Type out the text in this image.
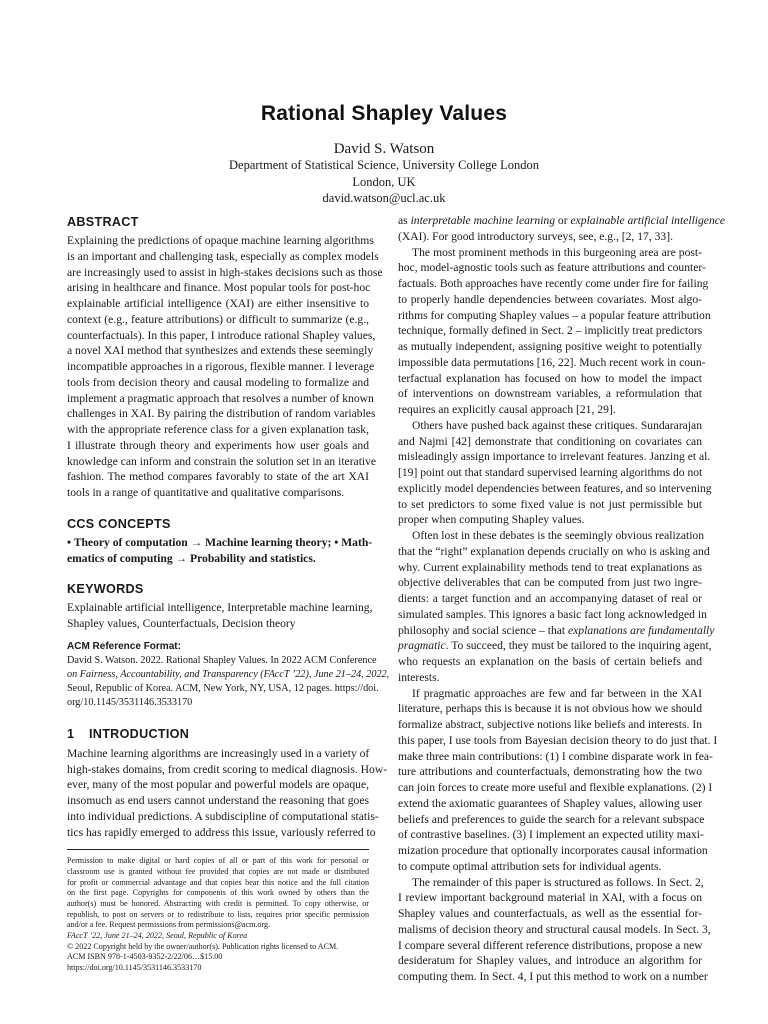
Rational Shapley Values
David S. Watson
Department of Statistical Science, University College London
London, UK
david.watson@ucl.ac.uk
ABSTRACT
Explaining the predictions of opaque machine learning algorithms
is an important and challenging task, especially as complex models
are increasingly used to assist in high-stakes decisions such as those
arising in healthcare and finance. Most popular tools for post-hoc
explainable artificial intelligence (XAI) are either insensitive to
context (e.g., feature attributions) or difficult to summarize (e.g.,
counterfactuals). In this paper, I introduce rational Shapley values,
a novel XAI method that synthesizes and extends these seemingly
incompatible approaches in a rigorous, flexible manner. I leverage
tools from decision theory and causal modeling to formalize and
implement a pragmatic approach that resolves a number of known
challenges in XAI. By pairing the distribution of random variables
with the appropriate reference class for a given explanation task,
I illustrate through theory and experiments how user goals and
knowledge can inform and constrain the solution set in an iterative
fashion. The method compares favorably to state of the art XAI
tools in a range of quantitative and qualitative comparisons.
CCS CONCEPTS
• Theory of computation → Machine learning theory; • Math-
ematics of computing → Probability and statistics.
KEYWORDS
Explainable artificial intelligence, Interpretable machine learning,
Shapley values, Counterfactuals, Decision theory
ACM Reference Format:
David S. Watson. 2022. Rational Shapley Values. In 2022 ACM Conference
on Fairness, Accountability, and Transparency (FAccT ’22), June 21–24, 2022,
Seoul, Republic of Korea. ACM, New York, NY, USA, 12 pages. https://doi.
org/10.1145/3531146.3533170
1 INTRODUCTION
Machine learning algorithms are increasingly used in a variety of
high-stakes domains, from credit scoring to medical diagnosis. How-
ever, many of the most popular and powerful models are opaque,
insomuch as end users cannot understand the reasoning that goes
into individual predictions. A subdiscipline of computational statis-
tics has rapidly emerged to address this issue, variously referred to
Permission to make digital or hard copies of all or part of this work for personal or
classroom use is granted without fee provided that copies are not made or distributed
for profit or commercial advantage and that copies bear this notice and the full citation
on the first page. Copyrights for components of this work owned by others than the
author(s) must be honored. Abstracting with credit is permitted. To copy otherwise, or
republish, to post on servers or to redistribute to lists, requires prior specific permission
and/or a fee. Request permissions from permissions@acm.org.
FAccT ’22, June 21–24, 2022, Seoul, Republic of Korea
© 2022 Copyright held by the owner/author(s). Publication rights licensed to ACM.
ACM ISBN 978-1-4503-9352-2/22/06…$15.00
https://doi.org/10.1145/3531146.3533170
as interpretable machine learning or explainable artificial intelligence
(XAI). For good introductory surveys, see, e.g., [2, 17, 33].
The most prominent methods in this burgeoning area are post-
hoc, model-agnostic tools such as feature attributions and counter-
factuals. Both approaches have recently come under fire for failing
to properly handle dependencies between covariates. Most algo-
rithms for computing Shapley values – a popular feature attribution
technique, formally defined in Sect. 2 – implicitly treat predictors
as mutually independent, assigning positive weight to potentially
impossible data permutations [16, 22]. Much recent work in coun-
terfactual explanation has focused on how to model the impact
of interventions on downstream variables, a reformulation that
requires an explicitly causal approach [21, 29].
Others have pushed back against these critiques. Sundararajan
and Najmi [42] demonstrate that conditioning on covariates can
misleadingly assign importance to irrelevant features. Janzing et al.
[19] point out that standard supervised learning algorithms do not
explicitly model dependencies between features, and so intervening
to set predictors to some fixed value is not just permissible but
proper when computing Shapley values.
Often lost in these debates is the seemingly obvious realization
that the “right” explanation depends crucially on who is asking and
why. Current explainability methods tend to treat explanations as
objective deliverables that can be computed from just two ingre-
dients: a target function and an accompanying dataset of real or
simulated samples. This ignores a basic fact long acknowledged in
philosophy and social science – that explanations are fundamentally
pragmatic. To succeed, they must be tailored to the inquiring agent,
who requests an explanation on the basis of certain beliefs and
interests.
If pragmatic approaches are few and far between in the XAI
literature, perhaps this is because it is not obvious how we should
formalize abstract, subjective notions like beliefs and interests. In
this paper, I use tools from Bayesian decision theory to do just that. I
make three main contributions: (1) I combine disparate work in fea-
ture attributions and counterfactuals, demonstrating how the two
can join forces to create more useful and flexible explanations. (2) I
extend the axiomatic guarantees of Shapley values, allowing user
beliefs and preferences to guide the search for a relevant subspace
of contrastive baselines. (3) I implement an expected utility maxi-
mization procedure that optionally incorporates causal information
to compute optimal attribution sets for individual agents.
The remainder of this paper is structured as follows. In Sect. 2,
I review important background material in XAI, with a focus on
Shapley values and counterfactuals, as well as the essential for-
malisms of decision theory and structural causal models. In Sect. 3,
I compare several different reference distributions, propose a new
desideratum for Shapley values, and introduce an algorithm for
computing them. In Sect. 4, I put this method to work on a number
